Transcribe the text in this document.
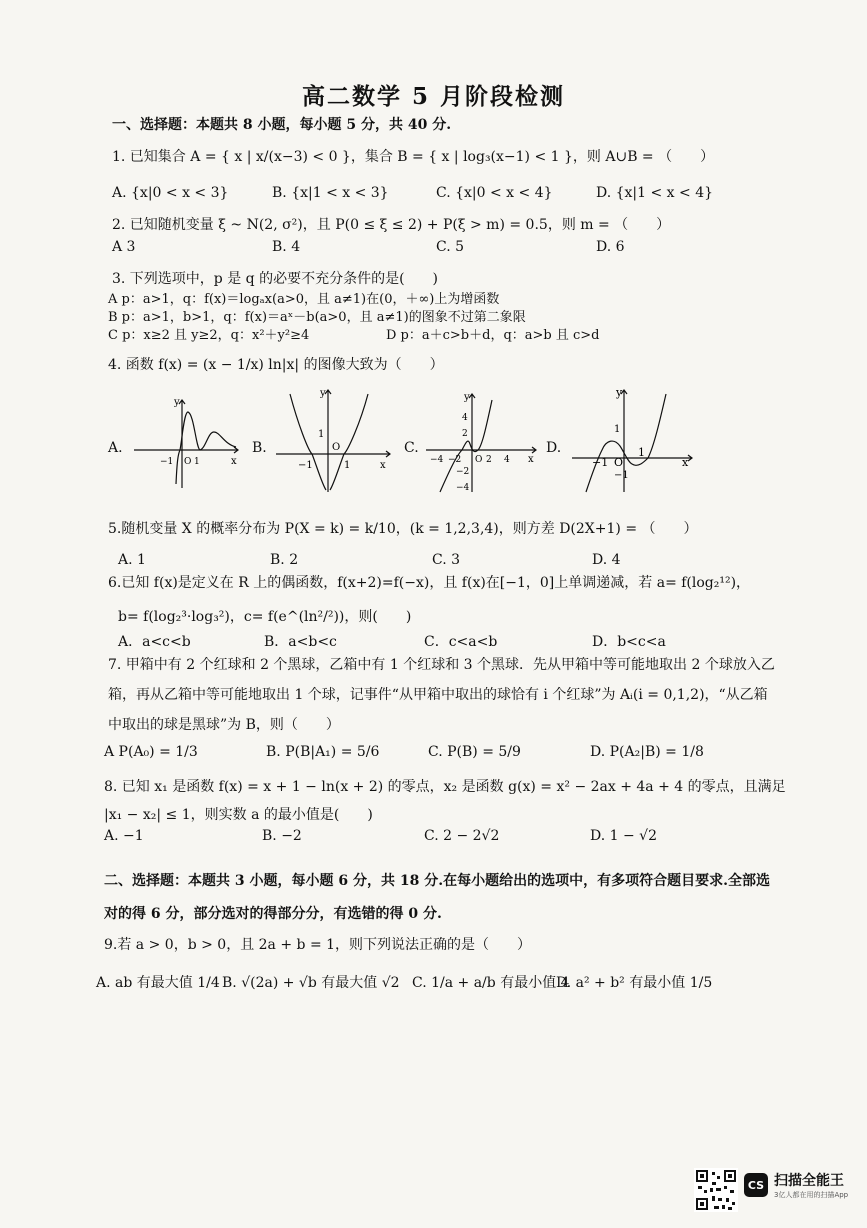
高二数学 5 月阶段检测
一、选择题：本题共 8 小题，每小题 5 分，共 40 分.
1. 已知集合 A = { x | x/(x−3) < 0 }，集合 B = { x | log₃(x−1) < 1 }，则 A∪B = （　　）
A. {x|0 < x < 3}	B. {x|1 < x < 3}	C. {x|0 < x < 4}	D. {x|1 < x < 4}
2. 已知随机变量 ξ ~ N(2, σ²)，且 P(0 ≤ ξ ≤ 2) + P(ξ > m) = 0.5，则 m = （　　）
A 3	B. 4	C. 5	D. 6
3. 下列选项中，p 是 q 的必要不充分条件的是(　　)
A p：a>1，q：f(x)＝logₐx(a>0，且 a≠1)在(0，＋∞)上为增函数
B p：a>1，b>1，q：f(x)＝aˣ－b(a>0，且 a≠1)的图象不过第二象限
C p：x≥2 且 y≥2，q：x²＋y²≥4	D p：a＋c>b＋d，q：a>b 且 c>d
4. 函数 f(x) = (x − 1/x) ln|x| 的图像大致为（　　）
A.
y
−1 O 1	x
B.
y
1
O
−1	1	x
C.
y
4
2
−4 −2 O 2 4 x
−2
−4
D.
y
1
−1 O
1
−1
x
5.随机变量 X 的概率分布为 P(X = k) = k/10，(k = 1,2,3,4)，则方差 D(2X+1) = （　　）
A. 1	B. 2	C. 3	D. 4
6.已知 f(x)是定义在 R 上的偶函数，f(x+2)=f(−x)，且 f(x)在[−1，0]上单调递减，若 a= f(log₂¹²)，
b= f(log₂³·log₃²)，c= f(e^(ln²/²))，则(　　)
A．a<c<b	B．a<b<c	C．c<a<b	D．b<c<a
7. 甲箱中有 2 个红球和 2 个黑球，乙箱中有 1 个红球和 3 个黑球．先从甲箱中等可能地取出 2 个球放入乙
箱，再从乙箱中等可能地取出 1 个球，记事件“从甲箱中取出的球恰有 i 个红球”为 Aᵢ(i = 0,1,2)，“从乙箱
中取出的球是黑球”为 B，则（　　）
A P(A₀) = 1/3	B. P(B|A₁) = 5/6	C. P(B) = 5/9	D. P(A₂|B) = 1/8
8. 已知 x₁ 是函数 f(x) = x + 1 − ln(x + 2) 的零点，x₂ 是函数 g(x) = x² − 2ax + 4a + 4 的零点，且满足
|x₁ − x₂| ≤ 1，则实数 a 的最小值是(　　)
A. −1	B. −2	C. 2 − 2√2	D. 1 − √2
二、选择题：本题共 3 小题，每小题 6 分，共 18 分.在每小题给出的选项中，有多项符合题目要求.全部选
对的得 6 分，部分选对的得部分分，有选错的得 0 分.
9.若 a > 0，b > 0，且 2a + b = 1，则下列说法正确的是（　　）
A. ab 有最大值 1/4 B. √(2a) + √b 有最大值 √2 C. 1/a + a/b 有最小值 4
D. a² + b² 有最小值 1/5
CS 扫描全能王
3亿人都在用的扫描App
